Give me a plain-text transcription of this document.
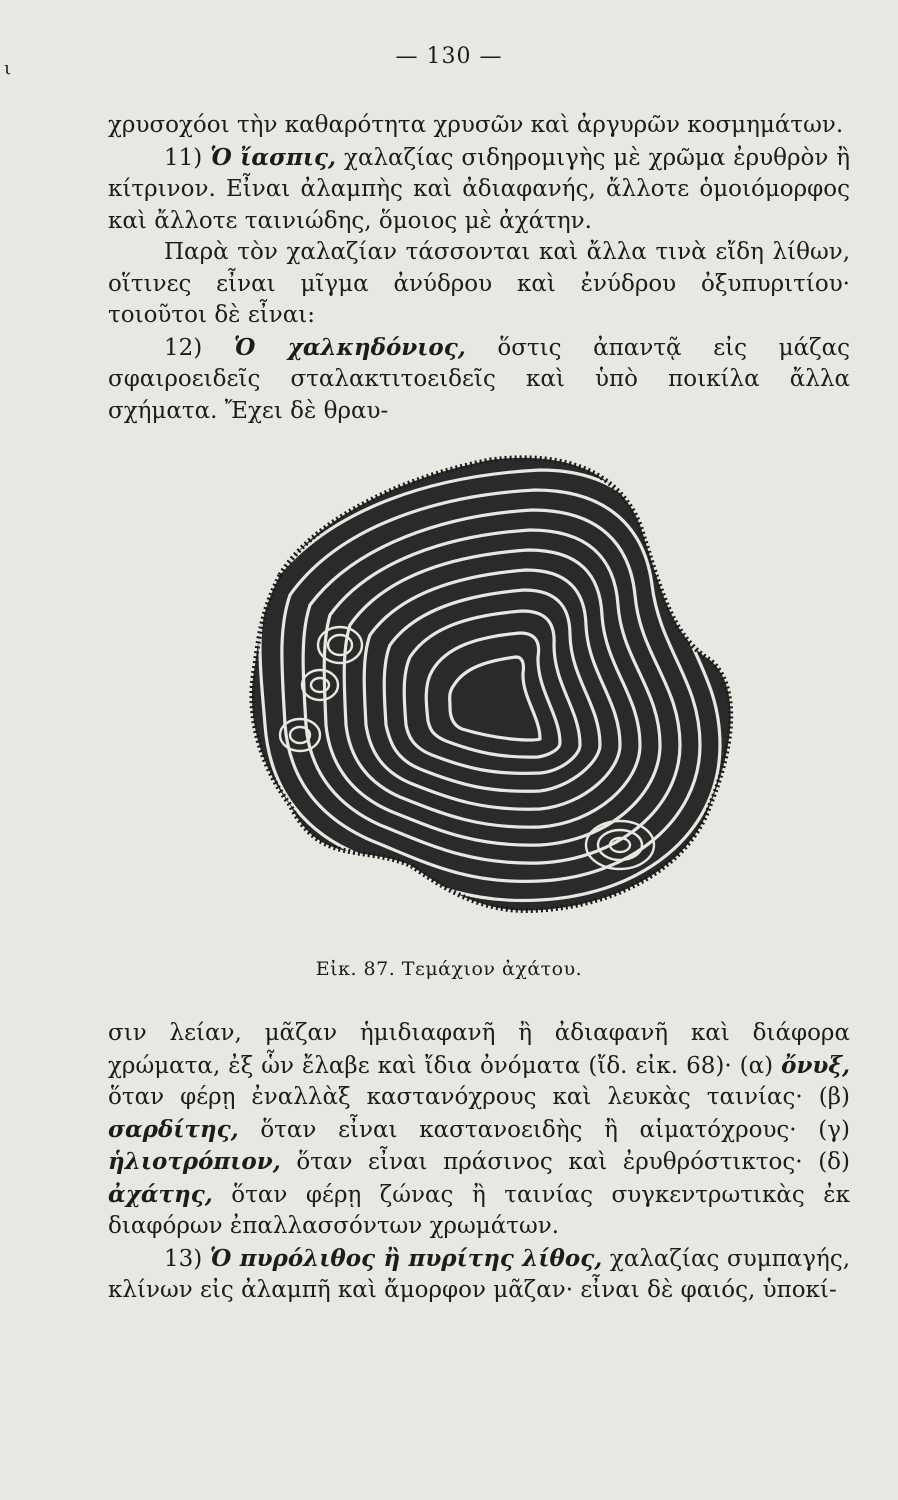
ι	— 130 —

χρυσοχόοι τὴν καθαρότητα χρυσῶν καὶ ἀργυρῶν κοσμημάτων.

11) Ὁ ἴασπις, χαλαζίας σιδηρομιγὴς μὲ χρῶμα ἐρυθρὸν ἢ κίτρινον. Εἶναι ἀλαμπὴς καὶ ἀδιαφανής, ἄλλοτε ὁμοιόμορφος καὶ ἄλλοτε ταινιώδης, ὅμοιος μὲ ἀχάτην.

Παρὰ τὸν χαλαζίαν τάσσονται καὶ ἄλλα τινὰ εἴδη λίθων, οἵτινες εἶναι μῖγμα ἀνύδρου καὶ ἐνύδρου ὀξυπυριτίου· τοιοῦτοι δὲ εἶναι:

12) Ὁ χαλκηδόνιος, ὅστις ἀπαντᾷ εἰς μάζας σφαιροειδεῖς σταλακτιτοειδεῖς καὶ ὑπὸ ποικίλα ἄλλα σχήματα. Ἔχει δὲ θραυ-

Εἰκ. 87. Τεμάχιον ἀχάτου.

σιν λείαν, μᾶζαν ἡμιδιαφανῆ ἢ ἀδιαφανῆ καὶ διάφορα χρώματα, ἐξ ὧν ἔλαβε καὶ ἴδια ὀνόματα (ἴδ. εἰκ. 68)· (α) ὄνυξ, ὅταν φέρῃ ἐναλλὰξ καστανόχρους καὶ λευκὰς ταινίας· (β) σαρδίτης, ὅταν εἶναι καστανοειδὴς ἢ αἱματόχρους· (γ) ἡλιοτρόπιον, ὅταν εἶναι πράσινος καὶ ἐρυθρόστικτος· (δ) ἀχάτης, ὅταν φέρῃ ζώνας ἢ ταινίας συγκεντρωτικὰς ἐκ διαφόρων ἐπαλλασσόντων χρωμάτων.

13) Ὁ πυρόλιθος ἢ πυρίτης λίθος, χαλαζίας συμπαγής, κλίνων εἰς ἀλαμπῆ καὶ ἄμορφον μᾶζαν· εἶναι δὲ φαιός, ὑποκί-
